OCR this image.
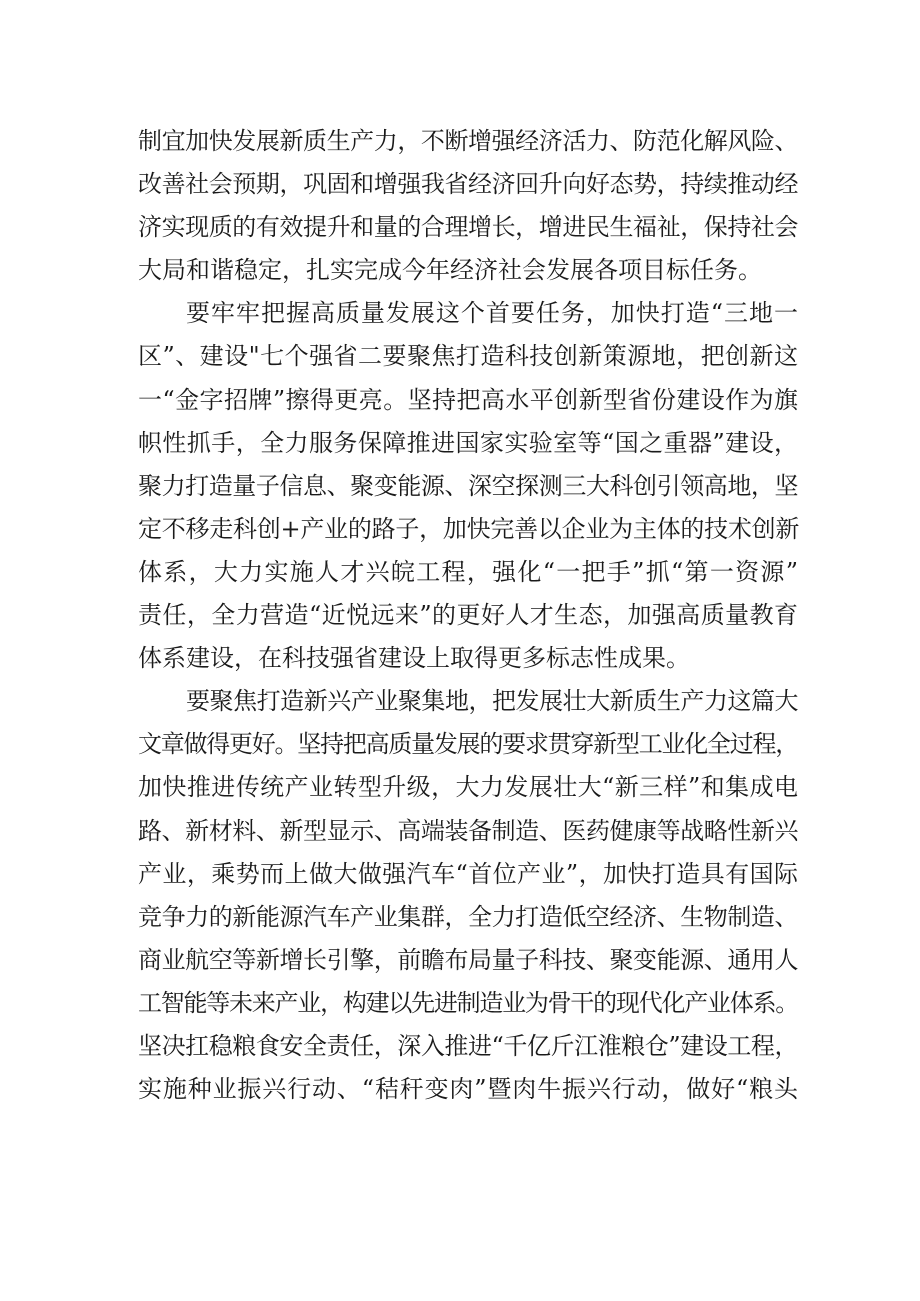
制宜加快发展新质生产力，不断增强经济活力、防范化解风险、
改善社会预期，巩固和增强我省经济回升向好态势，持续推动经
济实现质的有效提升和量的合理增长，增进民生福祉，保持社会
大局和谐稳定，扎实完成今年经济社会发展各项目标任务。
要牢牢把握高质量发展这个首要任务，加快打造“三地一
区”、建设"七个强省二要聚焦打造科技创新策源地，把创新这
一“金字招牌”擦得更亮。坚持把高水平创新型省份建设作为旗
帜性抓手，全力服务保障推进国家实验室等“国之重器”建设，
聚力打造量子信息、聚变能源、深空探测三大科创引领高地，坚
定不移走科创+产业的路子，加快完善以企业为主体的技术创新
体系，大力实施人才兴皖工程，强化“一把手”抓“第一资源”
责任，全力营造“近悦远来”的更好人才生态，加强高质量教育
体系建设，在科技强省建设上取得更多标志性成果。
要聚焦打造新兴产业聚集地，把发展壮大新质生产力这篇大
文章做得更好。坚持把高质量发展的要求贯穿新型工业化全过程，
加快推进传统产业转型升级，大力发展壮大“新三样”和集成电
路、新材料、新型显示、高端装备制造、医药健康等战略性新兴
产业，乘势而上做大做强汽车“首位产业”，加快打造具有国际
竞争力的新能源汽车产业集群，全力打造低空经济、生物制造、
商业航空等新增长引擎，前瞻布局量子科技、聚变能源、通用人
工智能等未来产业，构建以先进制造业为骨干的现代化产业体系。
坚决扛稳粮食安全责任，深入推进“千亿斤江淮粮仓”建设工程，
实施种业振兴行动、“秸秆变肉”暨肉牛振兴行动，做好“粮头
